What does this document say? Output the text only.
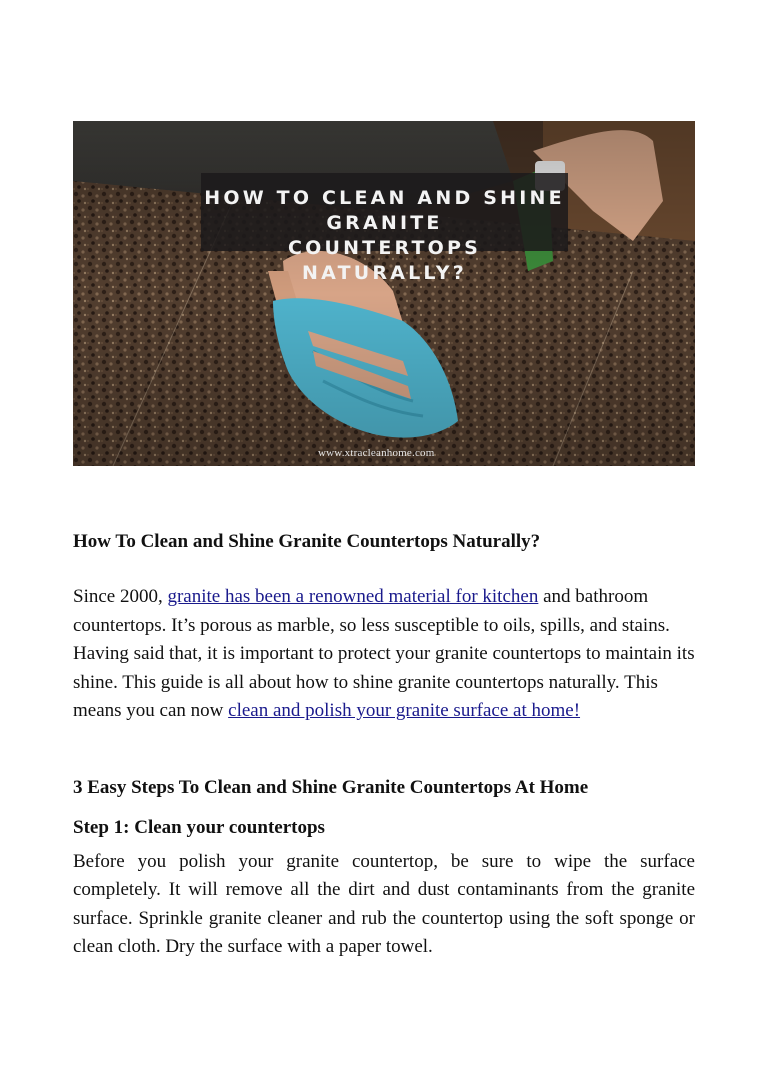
HOW TO CLEAN AND SHINE GRANITE
COUNTERTOPS NATURALLY?
www.xtracleanhome.com
How To Clean and Shine Granite Countertops Naturally?

Since 2000, granite has been a renowned material for kitchen and bathroom countertops. It’s porous as marble, so less susceptible to oils, spills, and stains. Having said that, it is important to protect your granite countertops to maintain its shine. This guide is all about how to shine granite countertops naturally. This means you can now clean and polish your granite surface at home!

3 Easy Steps To Clean and Shine Granite Countertops At Home
Step 1: Clean your countertops

Before you polish your granite countertop, be sure to wipe the surface completely. It will remove all the dirt and dust contaminants from the granite surface. Sprinkle granite cleaner and rub the countertop using the soft sponge or clean cloth. Dry the surface with a paper towel.
